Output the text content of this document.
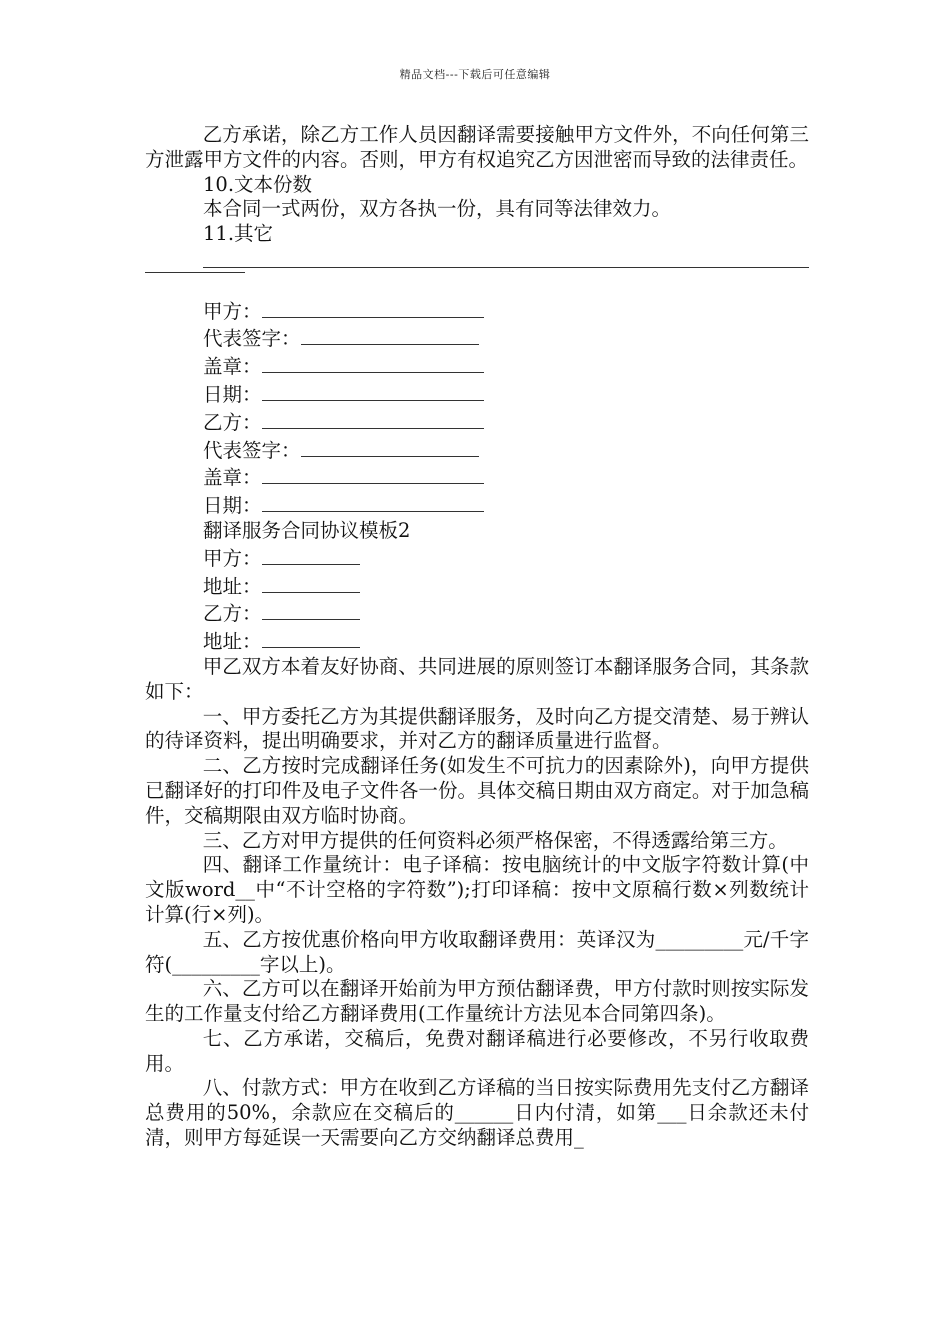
精品文档---下载后可任意编辑

乙方承诺，除乙方工作人员因翻译需要接触甲方文件外，不向任何第三方泄露甲方文件的内容。否则，甲方有权追究乙方因泄密而导致的法律责任。

10.文本份数

本合同一式两份，双方各执一份，具有同等法律效力。

11.其它

甲方：

代表签字：

盖章：

日期：

乙方：

代表签字：

盖章：

日期：

翻译服务合同协议模板2

甲方：

地址：

乙方：

地址：

甲乙双方本着友好协商、共同进展的原则签订本翻译服务合同，其条款如下：

一、甲方委托乙方为其提供翻译服务，及时向乙方提交清楚、易于辨认的待译资料，提出明确要求，并对乙方的翻译质量进行监督。

二、乙方按时完成翻译任务(如发生不可抗力的因素除外)，向甲方提供已翻译好的打印件及电子文件各一份。具体交稿日期由双方商定。对于加急稿件，交稿期限由双方临时协商。

三、乙方对甲方提供的任何资料必须严格保密，不得透露给第三方。

四、翻译工作量统计：电子译稿：按电脑统计的中文版字符数计算(中文版word__中“不计空格的字符数”);打印译稿：按中文原稿行数×列数统计计算(行×列)。

五、乙方按优惠价格向甲方收取翻译费用：英译汉为_________元/千字符(_________字以上)。

六、乙方可以在翻译开始前为甲方预估翻译费，甲方付款时则按实际发生的工作量支付给乙方翻译费用(工作量统计方法见本合同第四条)。

七、乙方承诺，交稿后，免费对翻译稿进行必要修改，不另行收取费用。

八、付款方式：甲方在收到乙方译稿的当日按实际费用先支付乙方翻译总费用的50%，余款应在交稿后的______日内付清，如第___日余款还未付清，则甲方每延误一天需要向乙方交纳翻译总费用_
